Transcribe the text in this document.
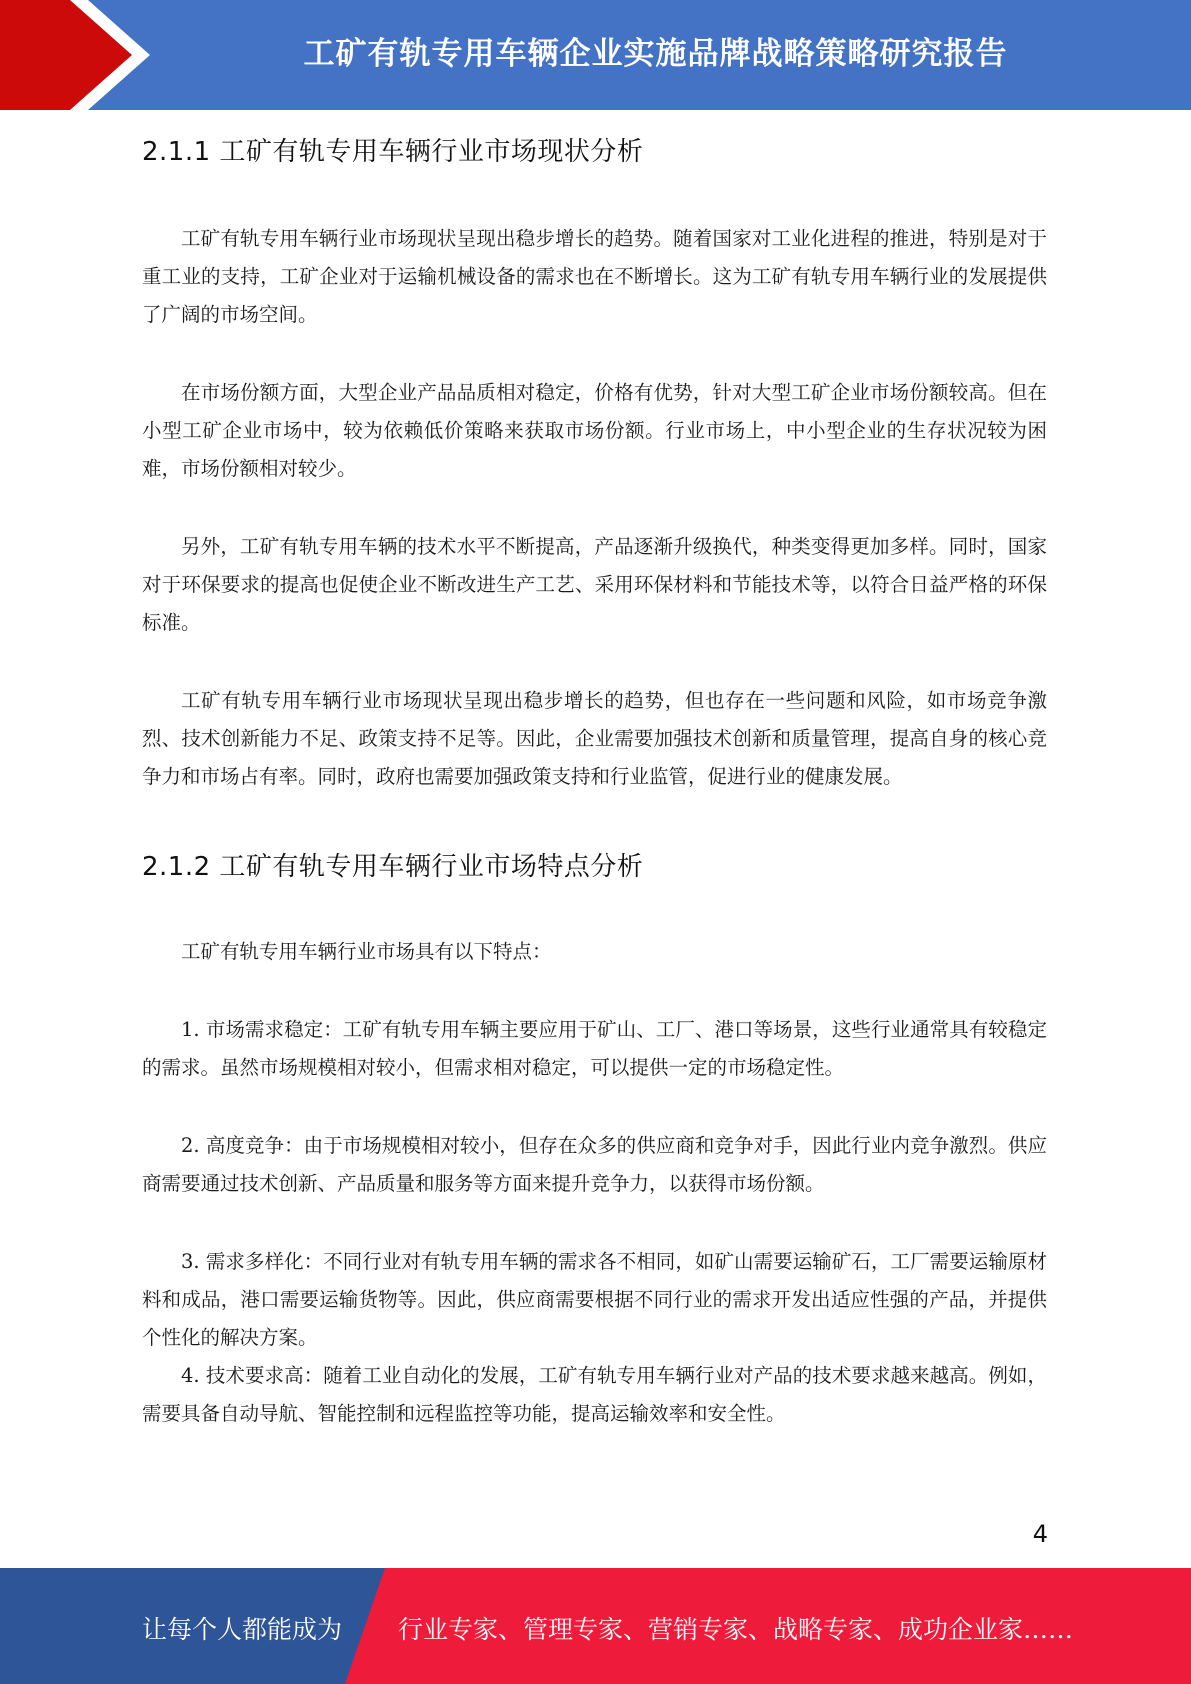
工矿有轨专用车辆企业实施品牌战略策略研究报告
2.1.1 工矿有轨专用车辆行业市场现状分析

工矿有轨专用车辆行业市场现状呈现出稳步增长的趋势。随着国家对工业化进程的推进，特别是对于重工业的支持，工矿企业对于运输机械设备的需求也在不断增长。这为工矿有轨专用车辆行业的发展提供了广阔的市场空间。

在市场份额方面，大型企业产品品质相对稳定，价格有优势，针对大型工矿企业市场份额较高。但在小型工矿企业市场中，较为依赖低价策略来获取市场份额。行业市场上，中小型企业的生存状况较为困难，市场份额相对较少。

另外，工矿有轨专用车辆的技术水平不断提高，产品逐渐升级换代，种类变得更加多样。同时，国家对于环保要求的提高也促使企业不断改进生产工艺、采用环保材料和节能技术等，以符合日益严格的环保标准。

工矿有轨专用车辆行业市场现状呈现出稳步增长的趋势，但也存在一些问题和风险，如市场竞争激烈、技术创新能力不足、政策支持不足等。因此，企业需要加强技术创新和质量管理，提高自身的核心竞争力和市场占有率。同时，政府也需要加强政策支持和行业监管，促进行业的健康发展。

2.1.2 工矿有轨专用车辆行业市场特点分析

工矿有轨专用车辆行业市场具有以下特点：

1. 市场需求稳定：工矿有轨专用车辆主要应用于矿山、工厂、港口等场景，这些行业通常具有较稳定的需求。虽然市场规模相对较小，但需求相对稳定，可以提供一定的市场稳定性。

2. 高度竞争：由于市场规模相对较小，但存在众多的供应商和竞争对手，因此行业内竞争激烈。供应商需要通过技术创新、产品质量和服务等方面来提升竞争力，以获得市场份额。

3. 需求多样化：不同行业对有轨专用车辆的需求各不相同，如矿山需要运输矿石，工厂需要运输原材料和成品，港口需要运输货物等。因此，供应商需要根据不同行业的需求开发出适应性强的产品，并提供个性化的解决方案。

4. 技术要求高：随着工业自动化的发展，工矿有轨专用车辆行业对产品的技术要求越来越高。例如，需要具备自动导航、智能控制和远程监控等功能，提高运输效率和安全性。

4
让每个人都能成为 行业专家、管理专家、营销专家、战略专家、成功企业家……
